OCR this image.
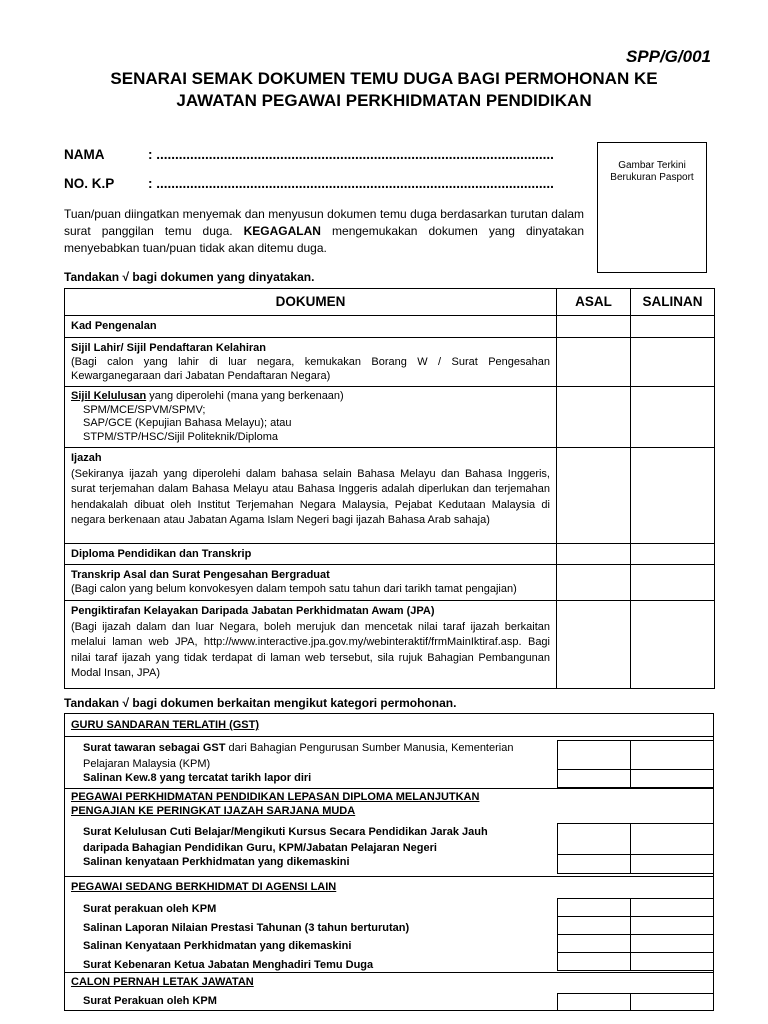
SPP/G/001
SENARAI SEMAK DOKUMEN TEMU DUGA BAGI PERMOHONAN KE
JAWATAN PEGAWAI PERKHIDMATAN PENDIDIKAN
NAMA	: ..........................................................................................................
NO. K.P : ..........................................................................................................
Gambar Terkini
Berukuran Pasport
Tuan/puan diingatkan menyemak dan menyusun dokumen temu duga berdasarkan turutan dalam surat panggilan temu duga. KEGAGALAN mengemukakan dokumen yang dinyatakan menyebabkan tuan/puan tidak akan ditemu duga.
Tandakan √ bagi dokumen yang dinyatakan.
DOKUMEN	ASAL	SALINAN

Kad Pengenalan		

Sijil Lahir/ Sijil Pendaftaran Kelahiran
(Bagi calon yang lahir di luar negara, kemukakan Borang W / Surat Pengesahan Kewarganegaraan dari Jabatan Pendaftaran Negara)		

Sijil Kelulusan yang diperolehi (mana yang berkenaan)
SPM/MCE/SPVM/SPMV;
SAP/GCE (Kepujian Bahasa Melayu); atau
STPM/STP/HSC/Sijil Politeknik/Diploma		

Ijazah
(Sekiranya ijazah yang diperolehi dalam bahasa selain Bahasa Melayu dan Bahasa Inggeris, surat terjemahan dalam Bahasa Melayu atau Bahasa Inggeris adalah diperlukan dan terjemahan hendakalah dibuat oleh Institut Terjemahan Negara Malaysia, Pejabat Kedutaan Malaysia di negara berkenaan atau Jabatan Agama Islam Negeri bagi ijazah Bahasa Arab sahaja)		

Diploma Pendidikan dan Transkrip		

Transkrip Asal dan Surat Pengesahan Bergraduat
(Bagi calon yang belum konvokesyen dalam tempoh satu tahun dari tarikh tamat pengajian)		

Pengiktirafan Kelayakan Daripada Jabatan Perkhidmatan Awam (JPA)
(Bagi ijazah dalam dan luar Negara, boleh merujuk dan mencetak nilai taraf ijazah berkaitan melalui laman web JPA, http://www.interactive.jpa.gov.my/webinteraktif/frmMainIktiraf.asp. Bagi nilai taraf ijazah yang tidak terdapat di laman web tersebut, sila rujuk Bahagian Pembangunan Modal Insan, JPA)		

Tandakan √ bagi dokumen berkaitan mengikut kategori permohonan.
GURU SANDARAN TERLATIH (GST)
Surat tawaran sebagai GST dari Bahagian Pengurusan Sumber Manusia, Kementerian Pelajaran Malaysia (KPM)
Salinan Kew.8 yang tercatat tarikh lapor diri
PEGAWAI PERKHIDMATAN PENDIDIKAN LEPASAN DIPLOMA MELANJUTKAN
PENGAJIAN KE PERINGKAT IJAZAH SARJANA MUDA
Surat Kelulusan Cuti Belajar/Mengikuti Kursus Secara Pendidikan Jarak Jauh
daripada Bahagian Pendidikan Guru, KPM/Jabatan Pelajaran Negeri
Salinan kenyataan Perkhidmatan yang dikemaskini
PEGAWAI SEDANG BERKHIDMAT DI AGENSI LAIN
Surat perakuan oleh KPM
Salinan Laporan Nilaian Prestasi Tahunan (3 tahun berturutan)
Salinan Kenyataan Perkhidmatan yang dikemaskini
Surat Kebenaran Ketua Jabatan Menghadiri Temu Duga
CALON PERNAH LETAK JAWATAN
Surat Perakuan oleh KPM
